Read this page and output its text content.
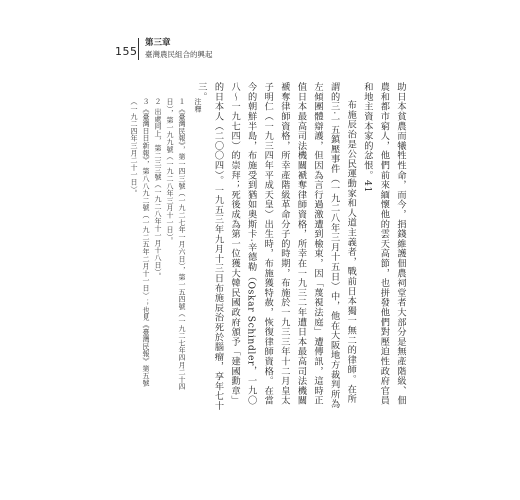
155
第三章
臺灣農民組合的興起

助日本貧農而犧牲性命，而今，捐錢維護佃農祠堂者大部分是無產階級、佃農和都市窮人，他們前來緬懷他的雲天高節，也拼發他們對壓迫性政府官員和地主資本家的忿恨。41

布施辰治是公民運動家和人道主義者，戰前日本獨一無二的律師。在所謂的三‧一五鎮壓事件（一九二八年三月十五日）中，他在大阪地方裁判所為左傾團體辯護，但因為言行過激遭到檢束，因「蔑視法庭」遭傳訊，這時正值日本最高司法機關褫奪律師資格，所幸在一九三二年遭日本最高司法機關褫奪律師資格，所幸產階級革命分子的時期，布施於一九三三年十二月皇太子明仁（一九三四年平成天皇）出生時，布施獲特赦，恢復律師資格。在當今的朝鮮半島，布施受到猶如奧斯卡‧辛德勒（Oskar Schindler，一九〇八～一九七四）的崇拜；死後成為第一位獲大韓民國政府頒予「建國勳章」的日本人（二〇〇四）。一九五三年九月十三日布施辰治死於腦瘤，享年七十三。

注釋

１《臺灣民報》，第一四三號（一九二七年一月六日），第一五四號（一九二七年四月二十四日），第一九九號（一九二八年三月十一日）。

２ 出處同上，第二三三號（一九二八年十一月十八日）。

３《臺灣日日新報》，第八八九二號（一九二五年二月十一日）；也見《臺灣民報》第五號（一九二四年三月二十一日）。
